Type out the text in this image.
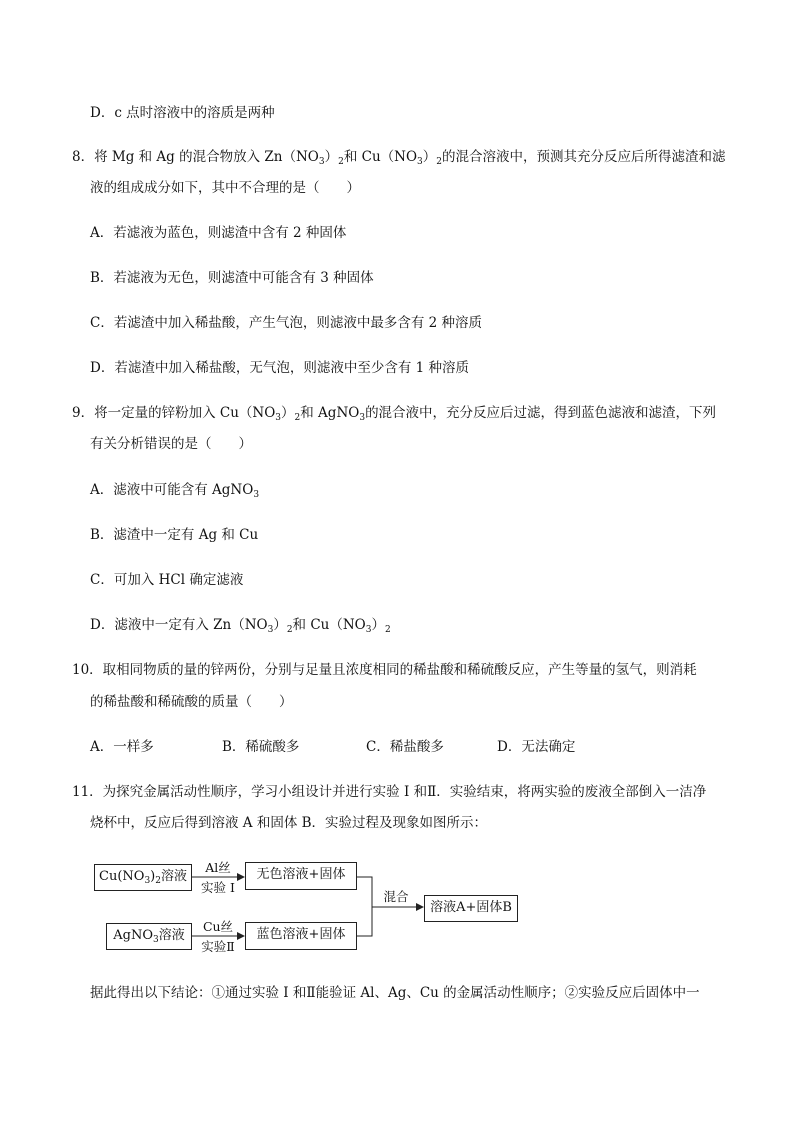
D．c 点时溶液中的溶质是两种
8．将 Mg 和 Ag 的混合物放入 $Zn(NO_3)_2$和 $Cu(NO_3)_2$的混合溶液中，预测其充分反应后所得滤渣和滤
液的组成成分如下，其中不合理的是（　　）
A．若滤液为蓝色，则滤渣中含有 2 种固体
B．若滤液为无色，则滤渣中可能含有 3 种固体
C．若滤渣中加入稀盐酸，产生气泡，则滤液中最多含有 2 种溶质
D．若滤渣中加入稀盐酸，无气泡，则滤液中至少含有 1 种溶质
9．将一定量的锌粉加入 $Cu(NO_3)_2$和 AgNO$_3$的混合液中，充分反应后过滤，得到蓝色滤液和滤渣，下列
有关分析错误的是（　　）
A．滤液中可能含有 AgNO$_3$
B．滤渣中一定有 Ag 和 Cu
C．可加入 HCl 确定滤液
D．滤液中一定有入 $Zn(NO_3)_2$和 $Cu(NO_3)_2$
10．取相同物质的量的锌两份，分别与足量且浓度相同的稀盐酸和稀硫酸反应，产生等量的氢气，则消耗
的稀盐酸和稀硫酸的质量（　　）
A．一样多	B．稀硫酸多	C．稀盐酸多	D．无法确定
11．为探究金属活动性顺序，学习小组设计并进行实验 I 和Ⅱ．实验结束，将两实验的废液全部倒入一洁净
烧杯中，反应后得到溶液 A 和固体 B．实验过程及现象如图所示：
$Cu(NO_3)_2$溶液
Al丝
实验 I
无色溶液+固体
AgNO$_3$溶液
Cu丝
实验Ⅱ
蓝色溶液+固体
混合
溶液A+固体B
据此得出以下结论：①通过实验 I 和Ⅱ能验证 Al、Ag、Cu 的金属活动性顺序；②实验反应后固体中一
